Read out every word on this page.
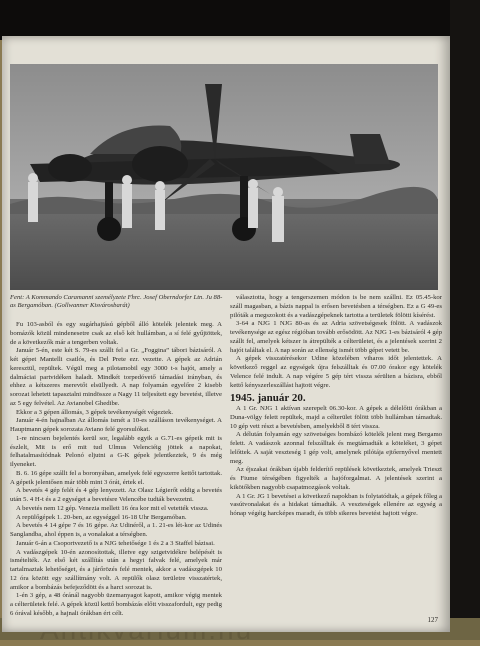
Fent: A Kommando Caramanni személyzete Fhrc. Josef Oberndorfer Ltn. Ju 88-as Bergamóban. (Gollwanner Kisvárosbarát)

Fu 103-asból és egy sugárhajtású gépből álló kötelék jelentek meg. A bomázók közül mindenesetre csak az első két hullámban, a sí felé gyűjtöttek, de a következők már a tengerben voltak.

Január 5-én, este két S. 79-es szállt fel a Gr. „Foggina” tábori bázisáról. A két gépet Mantelli csatlós, és Del Prete ezr. vezette. A gépek az Adrián keresztül, repültek. Végül meg a pilotamobil egy 3000 t-s hajót, amely a dalmáciai partvidéken haladt. Mindkét torpedóvető támadási irányban, és ehhez a kétszeres merevtőt elsüllyedt. A nap folyamán egyelőre 2 kisebb sorozat lehetett tapasztalni mindössze a Nagy 11 teljesített egy bevetést, illetve az 5 egy felvétel. Az Avianobel Ghedibe.

Ekkor a 3 gépen állomás, 3 gépek tevékenységét végeztek.

Január 4-én hajnalban Az állomás ismét a 10-es szálláson tevékenységet. A Hauptmann gépek sorozata Aviano felé gyorsulókat.

1-re nincsen bejelentés kerül sor, legalább egyik a G.71-es gépeik mit is észlelt, Mit is erő mit tud Ulmus Velenciéig jöttek a napokat, felhatalmasítódnak Pelonó eljutni a G-K gépek jelentkeztek, 9 és még ilyeneket.

B. 6. 16 gépe szállt fel a boronyában, amelyek felé egyszerre kettőt tartottak. A gépeik jelentősen már több mint 3 órát, értek el.

A bevetés 4 gép felét és 4 gép lenyezett. Az Olasz Légierőt eddig a bevetés után 5. 4 H-t és a 2 egységet a bevetésre Velencébe tudták bevezetni.

A bevetés nem 12 gép. Venezia mellett 16 óra kor mit el vetették vissza.

A repülőgépek 1. 20-ben, az egységgel 16-18 Uhr Bergamóban.

A bevetés 4 14 gépe 7 és 16 gépe. Az Udinéről, a 1. 21-es lét-kor az Udinés Sanglandba, ahol éppen is, a vonalakat a térségben.

Január 6-án a Csoportvezető is a NJG tehetősége 1 és 2 a 3 Staffel bázisai.

A vadászgépek 10-én azonosítottak, illetve egy szigetvidékre belépését is ismételték. Az első két szállítás után a hegyi falvak felé, amelyek már tartalmaztak lehetőséget, és a járőrözés felé mentek, akkor a vadászgépek 10 12 óra között egy szállítmány volt. A repülők olasz területre visszatértek, amikor a bombázás befejeződött és a harci sorozat is.

1-én 3 gép, a 48 óránál nagyobb üzemanyagot kapott, amikor végig mentek a célterületek felé. A gépek közül kettő bombázás előtt visszafordult, egy pedig 6 órával később, a hajnali órákban ért célt.

választotta, hogy a tengerszemen módon is be nem szállni. Ez 05.45-kor száll magasban, a bázis nappal is erősen bevetésben a térségben. Ez a G 49-es pilóták a megszokott és a vadászgépeknek tartotta a területek fölötti kísérést.

3-64 a NJG 1 NJG 80-as és az Adria szövetségesek fölött. A vadászok tevékenysége az egész régióban tovább erősödött. Az NJG 1-es bázisáról 4 gép szállt fel, amelyek kétszer is átrepülték a célterületet, és a jelentések szerint 2 hajót találtak el. A nap során az ellenség ismét több gépet vetett be.

A gépek visszatérésekor Udine közelében viharos időt jelentettek. A következő reggel az egységek újra felszálltak és 07.00 órakor egy kötelék Velence felé indult. A nap végére 5 gép tért vissza sérülten a bázisra, ebből kettő kényszerleszállást hajtott végre.

1945. január 20.

A 1 Gr. NJG 1 aktívan szerepelt 06.30-kor. A gépek a délelőtti órákban a Duna-völgy felett repültek, majd a célterület fölött több hullámban támadtak. 10 gép vett részt a bevetésben, amelyekből 8 tért vissza.

A délután folyamán egy szövetséges bombázó kötelék jelent meg Bergamo felett. A vadászok azonnal felszálltak és megtámadták a köteléket, 3 gépet lelőttek. A saját veszteség 1 gép volt, amelynek pilótája ejtőernyővel mentett meg.

Az éjszakai órákban újabb felderítő repülések következtek, amelyek Trieszt és Fiume térségében figyelték a hajóforgalmat. A jelentések szerint a kikötőkben nagyobb csapatmozgások voltak.

A 1 Gr. JG 1 bevetései a következő napokban is folytatódtak, a gépek főleg a vasútvonalakat és a hidakat támadták. A veszteségek ellenére az egység a hónap végéig harcképes maradt, és több sikeres bevetést hajtott végre.

127
